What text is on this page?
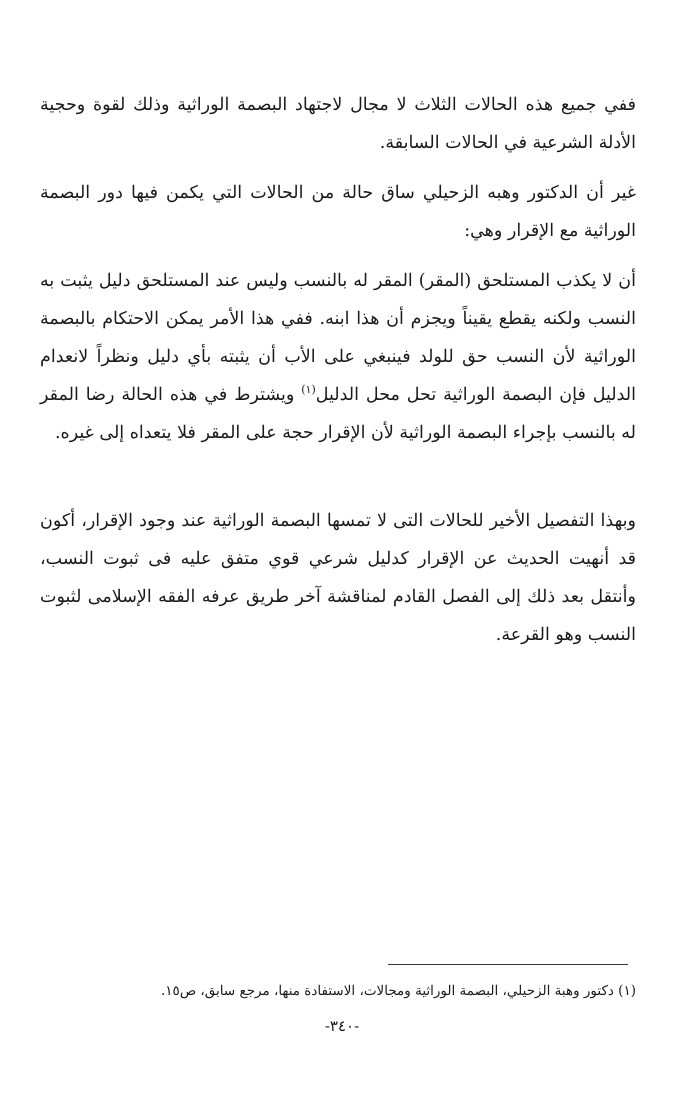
ففي جميع هذه الحالات الثلاث لا مجال لاجتهاد البصمة الوراثية وذلك لقوة وحجية الأدلة الشرعية في الحالات السابقة.

غير أن الدكتور وهبه الزحيلي ساق حالة من الحالات التي يكمن فيها دور البصمة الوراثية مع الإقرار وهي:

أن لا يكذب المستلحق (المقر) المقر له بالنسب وليس عند المستلحق دليل يثبت به النسب ولكنه يقطع يقيناً ويجزم أن هذا ابنه. ففي هذا الأمر يمكن الاحتكام بالبصمة الوراثية لأن النسب حق للولد فينبغي على الأب أن يثبته بأي دليل ونظراً لانعدام الدليل فإن البصمة الوراثية تحل محل الدليل$^{(١)}$ ويشترط في هذه الحالة رضا المقر له بالنسب بإجراء البصمة الوراثية لأن الإقرار حجة على المقر فلا يتعداه إلى غيره.

وبهذا التفصيل الأخير للحالات التى لا تمسها البصمة الوراثية عند وجود الإقرار، أكون قد أنهيت الحديث عن الإقرار كدليل شرعي قوي متفق عليه فى ثبوت النسب، وأنتقل بعد ذلك إلى الفصل القادم لمناقشة آخر طريق عرفه الفقه الإسلامى لثبوت النسب وهو القرعة.

(١) دكتور وهبة الزحيلي، البصمة الوراثية ومجالات، الاستفادة منها، مرجع سابق، ص١٥.
-٣٤٠-
